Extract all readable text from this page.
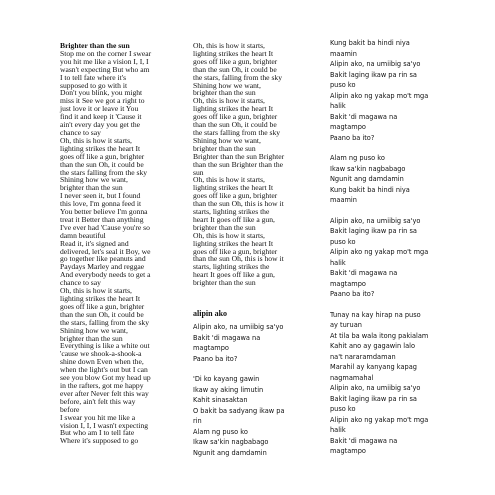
Brighter than the sun
Stop me on the corner I swear
you hit me like a vision I, I, I
wasn't expecting But who am
I to tell fate where it's
supposed to go with it
Don't you blink, you might
miss it See we got a right to
just love it or leave it You
find it and keep it 'Cause it
ain't every day you get the
chance to say
Oh, this is how it starts,
lighting strikes the heart It
goes off like a gun, brighter
than the sun Oh, it could be
the stars falling from the sky
Shining how we want,
brighter than the sun
I never seen it, but I found
this love, I'm gonna feed it
You better believe I'm gonna
treat it Better than anything
I've ever had 'Cause you're so
damn beautiful
Read it, it's signed and
delivered, let's seal it Boy, we
go together like peanuts and
Paydays Marley and reggae
And everybody needs to get a
chance to say
Oh, this is how it starts,
lighting strikes the heart It
goes off like a gun, brighter
than the sun Oh, it could be
the stars, falling from the sky
Shining how we want,
brighter than the sun
Everything is like a white out
'cause we shook-a-shook-a
shine down Even when the,
when the light's out but I can
see you blow Got my head up
in the rafters, got me happy
ever after Never felt this way
before, ain't felt this way
before
I swear you hit me like a
vision I, I, I wasn't expecting
But who am I to tell fate
Where it's supposed to go
Oh, this is how it starts,
lighting strikes the heart It
goes off like a gun, brighter
than the sun Oh, it could be
the stars, falling from the sky
Shining how we want,
brighter than the sun
Oh, this is how it starts,
lighting strikes the heart It
goes off like a gun, brighter
than the sun Oh, it could be
the stars falling from the sky
Shining how we want,
brighter than the sun
Brighter than the sun Brighter
than the sun Brighter than the
sun
Oh, this is how it starts,
lighting strikes the heart It
goes off like a gun, brighter
than the sun Oh, this is how it
starts, lighting strikes the
heart It goes off like a gun,
brighter than the sun
Oh, this is how it starts,
lighting strikes the heart It
goes off like a gun, brighter
than the sun Oh, this is how it
starts, lighting strikes the
heart It goes off like a gun,
brighter than the sun
alipin ako
Alipin ako, na umiibig sa'yo
Bakit 'di magawa na
magtampo
Paano ba ito?
'Di ko kayang gawin
Ikaw ay aking limutin
Kahit sinasaktan
O bakit ba sadyang ikaw pa
rin
Alam ng puso ko
Ikaw sa'kin nagbabago
Ngunit ang damdamin
Kung bakit ba hindi niya
maamin
Alipin ako, na umiibig sa'yo
Bakit laging ikaw pa rin sa
puso ko
Alipin ako ng yakap mo't mga
halik
Bakit 'di magawa na
magtampo
Paano ba ito?
Alam ng puso ko
Ikaw sa'kin nagbabago
Ngunit ang damdamin
Kung bakit ba hindi niya
maamin
Alipin ako, na umiibig sa'yo
Bakit laging ikaw pa rin sa
puso ko
Alipin ako ng yakap mo't mga
halik
Bakit 'di magawa na
magtampo
Paano ba ito?
Tunay na kay hirap na puso
ay turuan
At tila ba wala itong pakialam
Kahit ano ay gagawin lalo
na't nararamdaman
Marahil ay kanyang kapag
nagmamahal
Alipin ako, na umiibig sa'yo
Bakit laging ikaw pa rin sa
puso ko
Alipin ako ng yakap mo't mga
halik
Bakit 'di magawa na
magtampo
